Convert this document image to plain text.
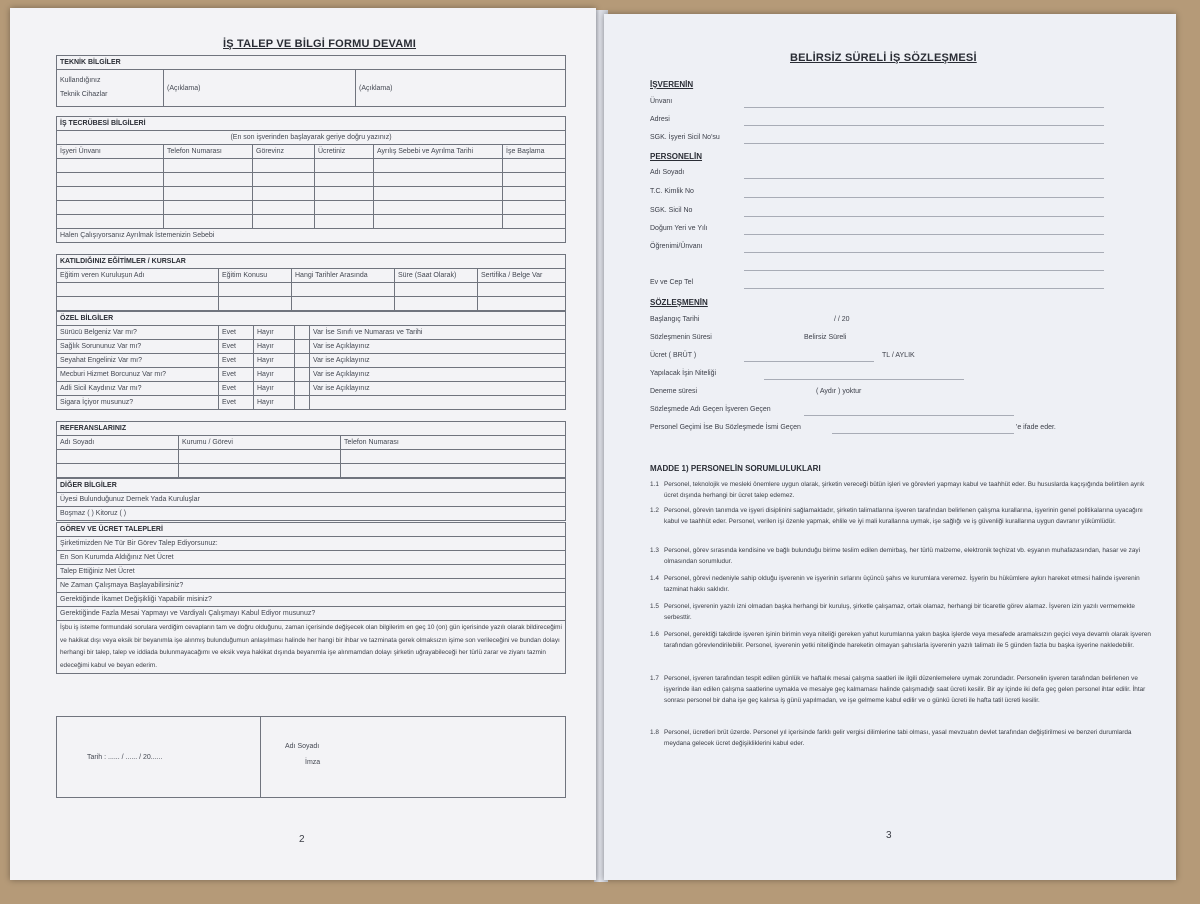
İŞ TALEP VE BİLGİ FORMU DEVAMI
TEKNİK BİLGİLER
Kullandığınız
Teknik Cihazlar	(Açıklama)	(Açıklama)
İŞ TECRÜBESİ BİLGİLERİ					
(En son işverinden başlayarak geriye doğru yazınız)					
İşyeri Ünvanı	Telefon Numarası	Görevinz	Ücretiniz	Ayrılış Sebebi ve Ayrılma Tarihi	İşe Başlama

Halen Çalışıyorsanız Ayrılmak İstemenizin Sebebi					
KATILDIĞINIZ EĞİTİMLER / KURSLAR				
Eğitim veren Kuruluşun Adı	Eğitim Konusu	Hangi Tarihler Arasında	Süre (Saat Olarak)	Sertifika / Belge Var

ÖZEL BİLGİLER				
Sürücü Belgeniz Var mı?	Evet	Hayır		Var İse Sınıfı ve Numarası ve Tarihi
Sağlık Sorununuz Var mı?	Evet	Hayır		Var ise Açıklayınız
Seyahat Engeliniz Var mı?	Evet	Hayır		Var ise Açıklayınız
Mecburi Hizmet Borcunuz Var mı?	Evet	Hayır		Var ise Açıklayınız
Adli Sicil Kaydınız Var mı?	Evet	Hayır		Var ise Açıklayınız
Sigara İçiyor musunuz?	Evet	Hayır		
REFERANSLARINIZ		
Adı Soyadı	Kurumu / Görevi	Telefon Numarası

DİĞER BİLGİLER
Üyesi Bulunduğunuz Dernek Yada Kuruluşlar
Boşmaz ( ) Kitoruz ( )
GÖREV VE ÜCRET TALEPLERİ
Şirketimizden Ne Tür Bir Görev Talep Ediyorsunuz:
En Son Kurumda Aldığınız Net Ücret
Talep Ettiğiniz Net Ücret
Ne Zaman Çalışmaya Başlayabilirsiniz?
Gerektiğinde İkamet Değişikliği Yapabilir misiniz?
Gerektiğinde Fazla Mesai Yapmayı ve Vardiyalı Çalışmayı Kabul Ediyor musunuz?
İşbu iş isteme formundaki sorulara verdiğim cevapların tam ve doğru olduğunu, zaman içerisinde değişecek olan bilgilerim en geç 10 (on) gün içerisinde yazılı olarak bildireceğimi ve hakikat dışı veya eksik bir beyanımla işe alınmış bulunduğumun anlaşılması halinde her hangi bir ihbar ve tazminata gerek olmaksızın işime son verileceğini ve bundan dolayı herhangi bir talep, talep ve iddiada bulunmayacağımı ve eksik veya hakikat dışında beyanımla işe alınmamdan dolayı şirketin uğrayabileceği her türlü zarar ve ziyanı tazmin edeceğimi kabul ve beyan ederim.
Tarih : ...... / ...... / 20......	Adı Soyadı
İmza
2
BELİRSİZ SÜRELİ İŞ SÖZLEŞMESİ
İŞVERENİN
Ünvanı
Adresi
SGK. İşyeri Sicil No'su
PERSONELİN
Adı Soyadı
T.C. Kimlik No
SGK. Sicil No
Doğum Yeri ve Yılı
Öğrenimi/Ünvanı
Ev ve Cep Tel
SÖZLEŞMENİN
Başlangıç Tarihi	/ / 20
Sözleşmenin Süresi	Belirsiz Süreli
Ücret ( BRÜT )	TL / AYLIK
Yapılacak İşin Niteliği
Deneme süresi	( Aydır ) yoktur
Sözleşmede Adı Geçen İşveren Geçen
Personel Geçimi İse Bu Sözleşmede İsmi Geçen	'e ifade eder.
MADDE 1) PERSONELİN SORUMLULUKLARI
1.1 Personel, teknolojik ve mesleki önemlere uygun olarak, şirketin vereceği bütün işleri ve görevleri yapmayı kabul ve taahhüt eder. Bu hususlarda kaçışığında belirtilen ayrık ücret dışında herhangi bir ücret talep edemez.
1.2 Personel, görevin tanımda ve işyeri disiplinini sağlamaktadır, şirketin talimatlarına işveren tarafından belirlenen çalışma kurallarına, işyerinin genel politikalarına uyacağını kabul ve taahhüt eder. Personel, verilen işi özenle yapmak, ehlile ve iyi mali kurallarına uymak, işe sağlığı ve iş güvenliği kurallarına uygun davranır yükümlüdür.
1.3 Personel, görev sırasında kendisine ve bağlı bulunduğu birime teslim edilen demirbaş, her türlü malzeme, elektronik teçhizat vb. eşyanın muhafazasından, hasar ve zayi olmasından sorumludur.
1.4 Personel, görevi nedeniyle sahip olduğu işverenin ve işyerinin sırlarını üçüncü şahıs ve kurumlara veremez. İşyerin bu hükümlere aykırı hareket etmesi halinde işverenin tazminat hakkı saklıdır.
1.5 Personel, işverenin yazılı izni olmadan başka herhangi bir kuruluş, şirketle çalışamaz, ortak olamaz, herhangi bir ticaretle görev alamaz. İşveren izin yazılı vermemekte serbesttir.
1.6 Personel, gerektiği takdirde işveren işinin birimin veya niteliği gereken yahut kurumlarına yakın başka işlerde veya mesafede aramaksızın geçici veya devamlı olarak işveren tarafından görevlendirilebilir. Personel, işverenin yetki niteliğinde hareketin olmayan şahıslarla işverenin yazılı talimatı ile 5 günden fazla bu başka işyerine nakledebilir.
1.7 Personel, işveren tarafından tespit edilen günlük ve haftalık mesai çalışma saatleri ile ilgili düzenlemelere uymak zorundadır. Personelin işveren tarafından belirlenen ve işyerinde ilan edilen çalışma saatlerine uymakla ve mesaiye geç kalmaması halinde çalışmadığı saat ücreti kesilir. Bir ay içinde iki defa geç gelen personel ihtar edilir. İhtar sonrası personel bir daha işe geç kalırsa iş günü yapılmadan, ve işe gelmeme kabul edilir ve o günkü ücreti ile hafta tatil ücreti kesilir.
1.8 Personel, ücretleri brüt üzerde. Personel yıl içerisinde farklı gelir vergisi dilimlerine tabi olması, yasal mevzuatın devlet tarafından değiştirilmesi ve benzeri durumlarda meydana gelecek ücret değişikliklerini kabul eder.
3
